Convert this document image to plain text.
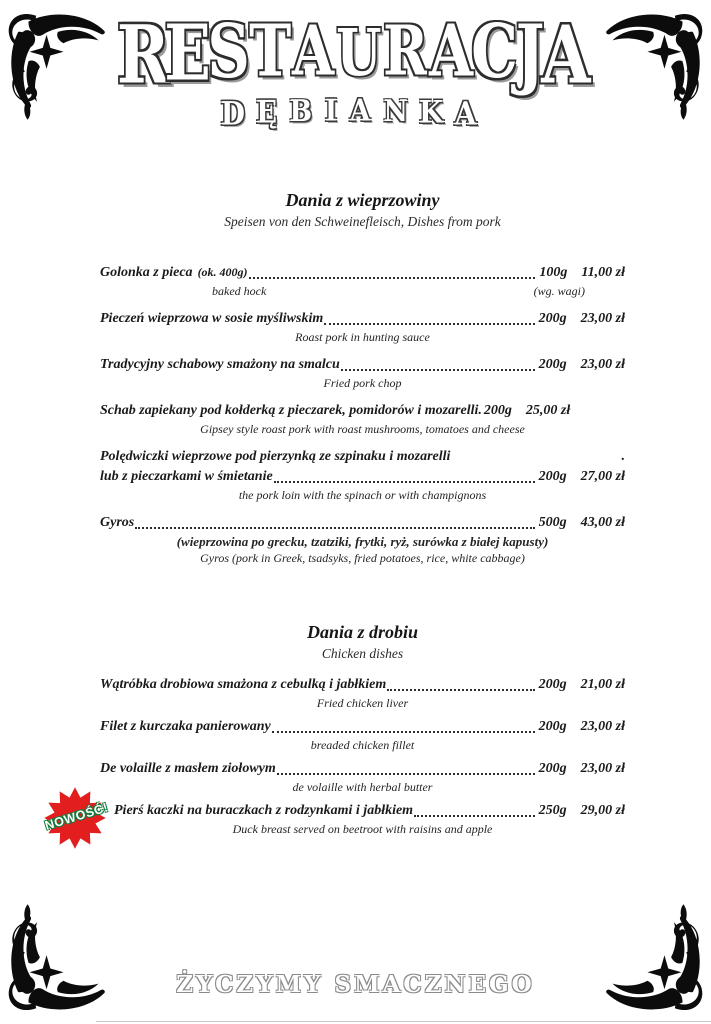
RESTAURACJA
DĘBIANKA
Dania z wieprzowiny
Speisen von den Schweinefleisch, Dishes from pork
Golonka z pieca (ok. 400g)	100g 11,00 zł
baked hock	(wg. wagi)
Pieczeń wieprzowa w sosie myśliwskim	200g 23,00 zł
Roast pork in hunting sauce
Tradycyjny schabowy smażony na smalcu	200g 23,00 zł
Fried pork chop
Schab zapiekany pod kołderką z pieczarek, pomidorów i mozarelli. 200g 25,00 zł
Gipsey style roast pork with roast mushrooms, tomatoes and cheese
Polędwiczki wieprzowe pod pierzynką ze szpinaku i mozarelli	.
lub z pieczarkami w śmietanie	200g 27,00 zł
the pork loin with the spinach or with champignons
Gyros	500g 43,00 zł
(wieprzowina po grecku, tzatziki, frytki, ryż, surówka z białej kapusty)
Gyros (pork in Greek, tsadsyks, fried potatoes, rice, white cabbage)
Dania z drobiu
Chicken dishes
Wątróbka drobiowa smażona z cebulką i jabłkiem	200g 21,00 zł
Fried chicken liver
Filet z kurczaka panierowany	200g 23,00 zł
breaded chicken fillet
De volaille z masłem ziołowym	200g 23,00 zł
de volaille with herbal butter
NOWOŚĆ! Pierś kaczki na buraczkach z rodzynkami i jabłkiem	250g 29,00 zł
Duck breast served on beetroot with raisins and apple
ŻYCZYMY SMACZNEGO
